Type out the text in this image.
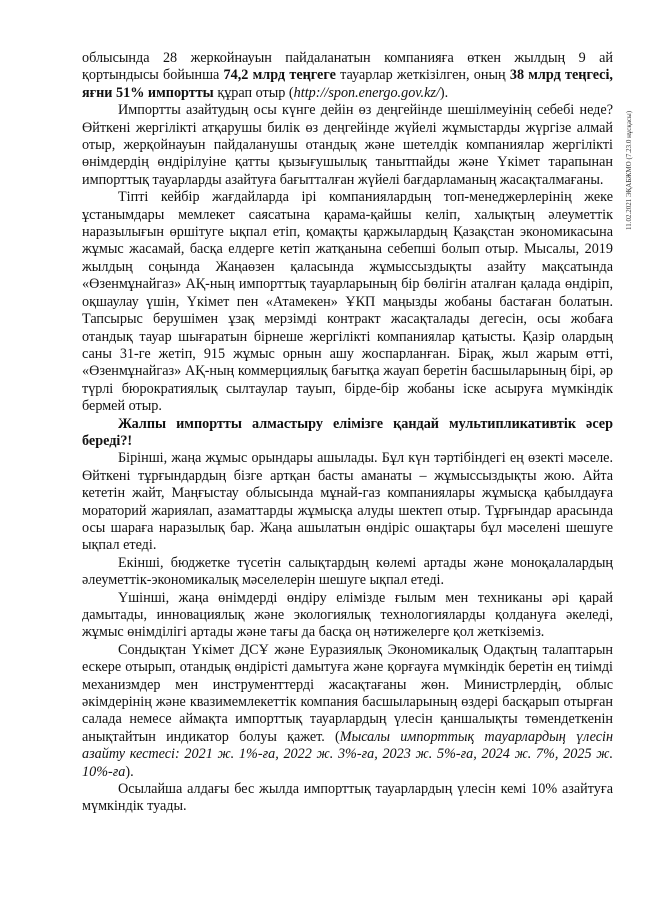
11.02.2021 ЭҚАБЖМО (7.23.0 нұсқасы)

облысында 28 жеркойнауын пайдаланатын компанияға өткен жылдың 9 ай қортындысы бойынша 74,2 млрд теңгеге тауарлар жеткізілген, оның 38 млрд теңгесі, яғни 51% импортты құрап отыр (http://spon.energo.gov.kz/).

Импортты азайтудың осы күнге дейін өз деңгейінде шешілмеуінің себебі неде? Өйткені жергілікті атқарушы билік өз деңгейінде жүйелі жұмыстарды жүргізе алмай отыр, жерқойнауын пайдаланушы отандық және шетелдік компаниялар жергілікті өнімдердің өндірілуіне қатты қызығушылық танытпайды және Үкімет тарапынан импорттық тауарларды азайтуға бағытталған жүйелі бағдарламаның жасақталмағаны.

Тіпті кейбір жағдайларда ірі компаниялардың топ-менеджерлерінің жеке ұстанымдары мемлекет саясатына қарама-қайшы келіп, халықтың әлеуметтік наразылығын өршітуге ықпал етіп, қомақты қаржылардың Қазақстан экономикасына жұмыс жасамай, басқа елдерге кетіп жатқанына себепші болып отыр. Мысалы, 2019 жылдың соңында Жаңаөзен қаласында жұмыссыздықты азайту мақсатында «Өзенмұнайгаз» АҚ-ның импорттық тауарларының бір бөлігін аталған қалада өндіріп, оқшаулау үшін, Үкімет пен «Атамекен» ҰКП маңызды жобаны бастаған болатын. Тапсырыс берушімен ұзақ мерзімді контракт жасақталады дегесін, осы жобаға отандық тауар шығаратын бірнеше жергілікті компаниялар қатысты. Қазір олардың саны 31-ге жетіп, 915 жұмыс орнын ашу жоспарланған. Бірақ, жыл жарым өтті, «Өзенмұнайгаз» АҚ-ның коммерциялық бағытқа жауап беретін басшыларының бірі, әр түрлі бюрократиялық сылтаулар тауып, бірде-бір жобаны іске асыруға мүмкіндік бермей отыр.

Жалпы импортты алмастыру елімізге қандай мультипликативтік әсер береді?!

Бірінші, жаңа жұмыс орындары ашылады. Бұл күн тәртібіндегі ең өзекті мәселе. Өйткені тұрғындардың бізге артқан басты аманаты – жұмыссыздықты жою. Айта кететін жайт, Маңғыстау облысында мұнай-газ компаниялары жұмысқа қабылдауға мораторий жариялап, азаматтарды жұмысқа алуды шектеп отыр. Тұрғындар арасында осы шараға наразылық бар. Жаңа ашылатын өндіріс ошақтары бұл мәселені шешуге ықпал етеді.

Екінші, бюджетке түсетін салықтардың көлемі артады және моноқалалардың әлеуметтік-экономикалық мәселелерін шешуге ықпал етеді.

Үшінші, жаңа өнімдерді өндіру елімізде ғылым мен техниканы әрі қарай дамытады, инновациялық және экологиялық технологияларды қолдануға әкеледі, жұмыс өнімділігі артады және тағы да басқа оң нәтижелерге қол жеткіземіз.

Сондықтан Үкімет ДСҰ және Еуразиялық Экономикалық Одақтың талаптарын ескере отырып, отандық өндірісті дамытуға және қорғауға мүмкіндік беретін ең тиімді механизмдер мен инструменттерді жасақтағаны жөн. Министрлердің, облыс әкімдерінің және квазимемлекеттік компания басшыларының өздері басқарып отырған салада немесе аймақта импорттық тауарлардың үлесін қаншалықты төмендеткенін анықтайтын индикатор болуы қажет. (Мысалы импорттық тауарлардың үлесін азайту кестесі: 2021 ж. 1%-ға, 2022 ж. 3%-ға, 2023 ж. 5%-ға, 2024 ж. 7%, 2025 ж. 10%-ға).

Осылайша алдағы бес жылда импорттық тауарлардың үлесін кемі 10% азайтуға мүмкіндік туады.
